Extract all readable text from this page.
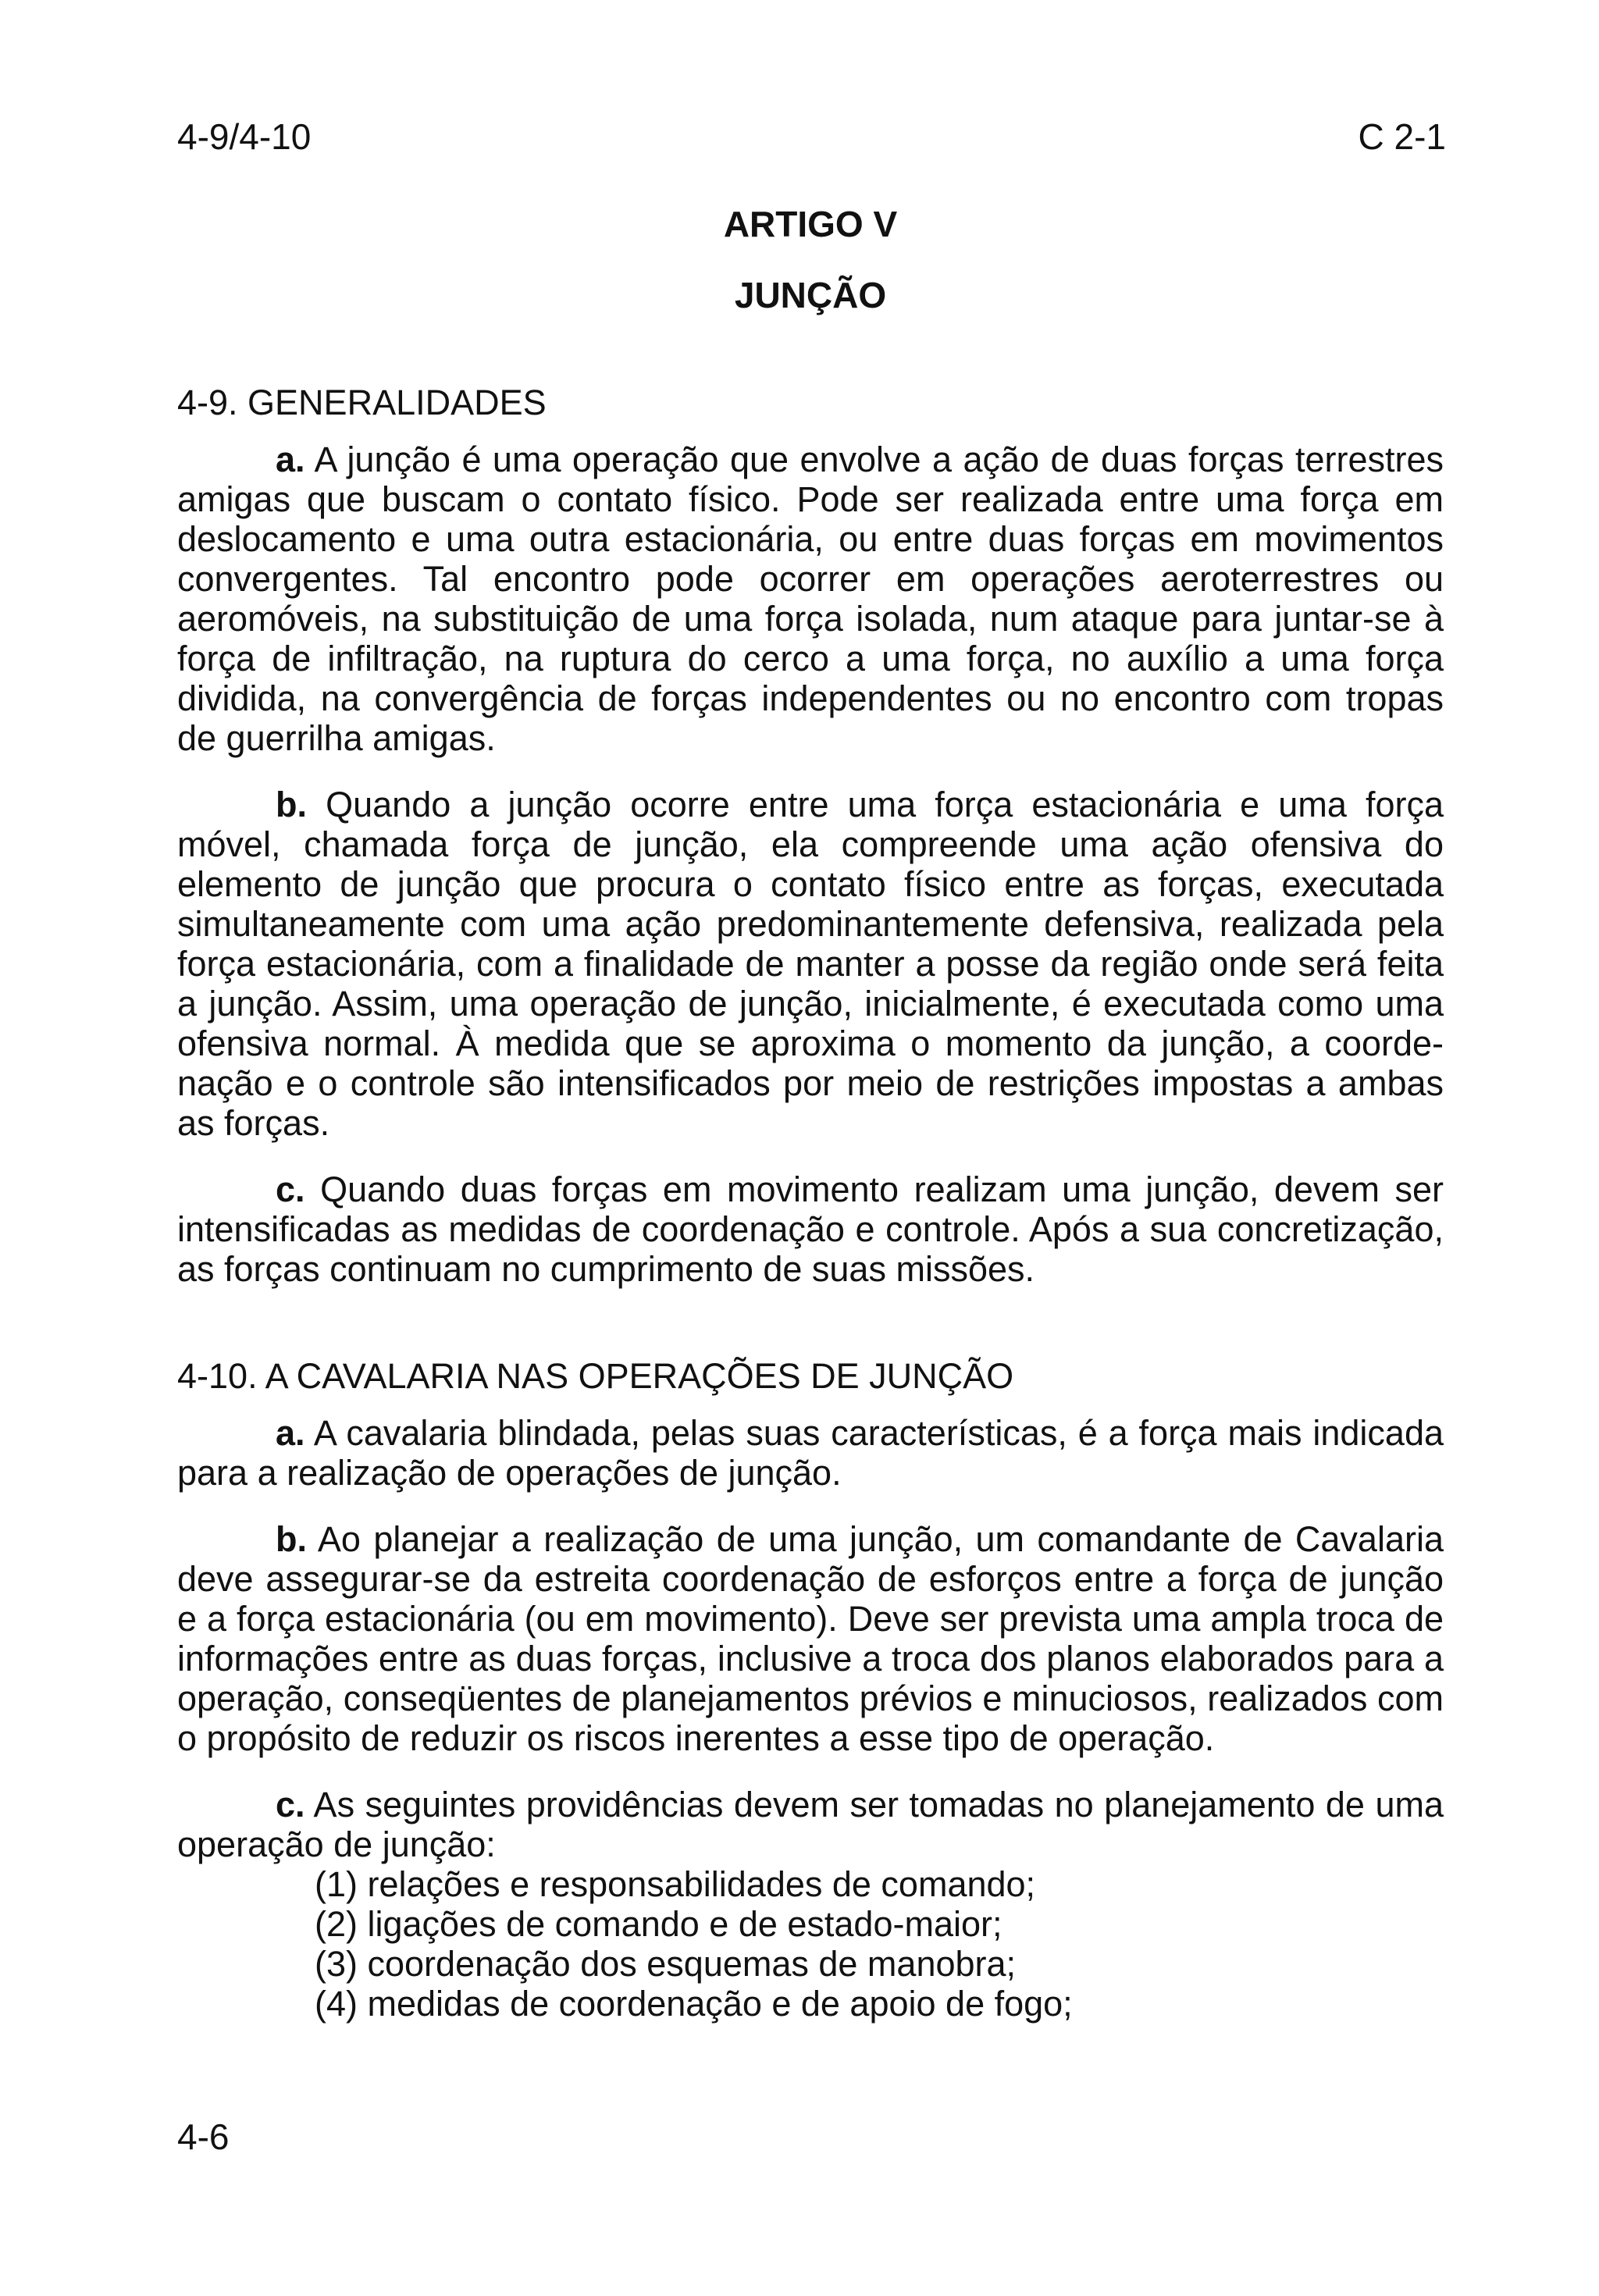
4-9/4-10	C 2-1
ARTIGO V
JUNÇÃO
4-9. GENERALIDADES

a. A junção é uma operação que envolve a ação de duas forças terrestres amigas que buscam o contato físico. Pode ser realizada entre uma força em deslocamento e uma outra estacionária, ou entre duas forças em movimentos convergentes. Tal encontro pode ocorrer em operações aeroterrestres ou aeromóveis, na substituição de uma força isolada, num ataque para juntar-se à força de infiltração, na ruptura do cerco a uma força, no auxílio a uma força dividida, na convergência de forças independentes ou no encontro com tropas de guerrilha amigas.

b. Quando a junção ocorre entre uma força estacionária e uma força móvel, chamada força de junção, ela compreende uma ação ofensiva do elemento de junção que procura o contato físico entre as forças, executada simultaneamente com uma ação predominantemente defensiva, realizada pela força estacionária, com a finalidade de manter a posse da região onde será feita a junção. Assim, uma operação de junção, inicialmente, é executada como uma ofensiva normal. À medida que se aproxima o momento da junção, a coorde-nação e o controle são intensificados por meio de restrições impostas a ambas as forças.

c. Quando duas forças em movimento realizam uma junção, devem ser intensificadas as medidas de coordenação e controle. Após a sua concretização, as forças continuam no cumprimento de suas missões.

4-10. A CAVALARIA NAS OPERAÇÕES DE JUNÇÃO

a. A cavalaria blindada, pelas suas características, é a força mais indicada para a realização de operações de junção.

b. Ao planejar a realização de uma junção, um comandante de Cavalaria deve assegurar-se da estreita coordenação de esforços entre a força de junção e a força estacionária (ou em movimento). Deve ser prevista uma ampla troca de informações entre as duas forças, inclusive a troca dos planos elaborados para a operação, conseqüentes de planejamentos prévios e minuciosos, realizados com o propósito de reduzir os riscos inerentes a esse tipo de operação.

c. As seguintes providências devem ser tomadas no planejamento de uma operação de junção:

(1) relações e responsabilidades de comando;
(2) ligações de comando e de estado-maior;
(3) coordenação dos esquemas de manobra;
(4) medidas de coordenação e de apoio de fogo;
4-6
